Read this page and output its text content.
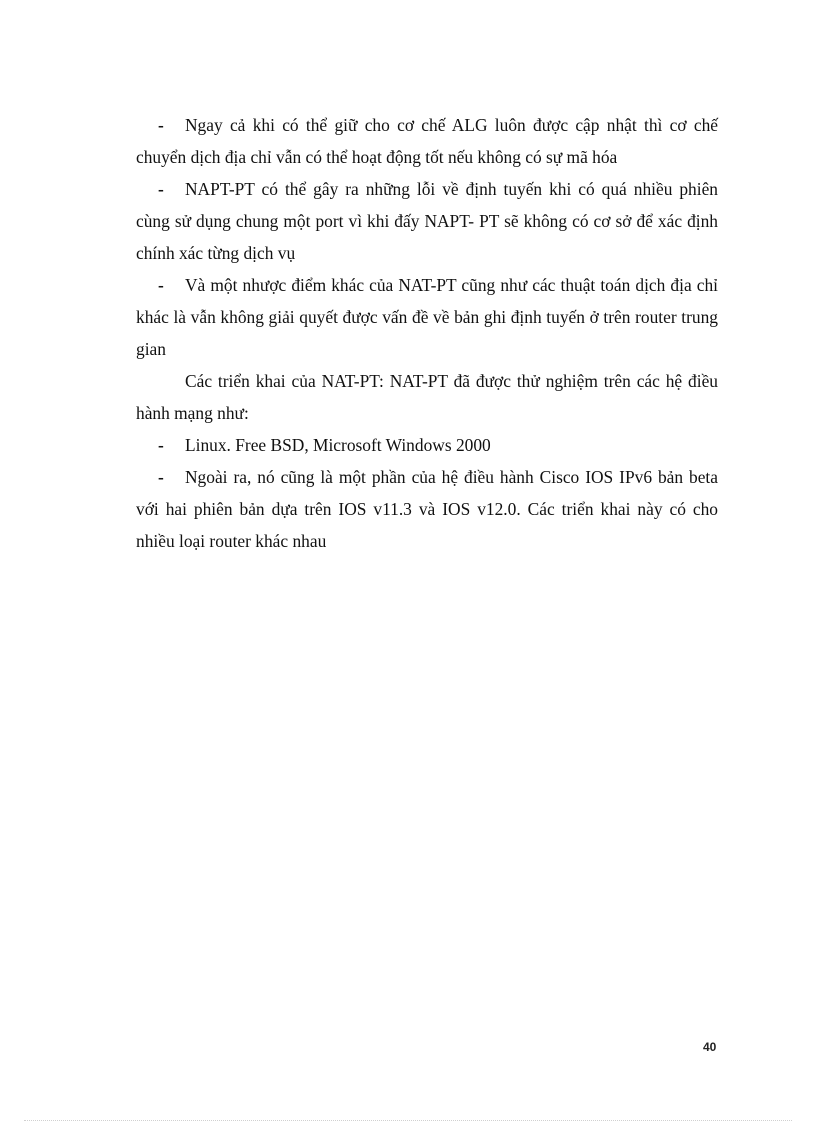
- Ngay cả khi có thể giữ cho cơ chế ALG luôn được cập nhật thì cơ chế chuyển dịch địa chỉ vẫn có thể hoạt động tốt nếu không có sự mã hóa

- NAPT-PT có thể gây ra những lỗi về định tuyến khi có quá nhiều phiên cùng sử dụng chung một port vì khi đấy NAPT- PT sẽ không có cơ sở để xác định chính xác từng dịch vụ

- Và một nhược điểm khác của NAT-PT cũng như các thuật toán dịch địa chỉ khác là vẫn không giải quyết được vấn đề về bản ghi định tuyến ở trên router trung gian

Các triển khai của NAT-PT: NAT-PT đã được thử nghiệm trên các hệ điều hành mạng như:

- Linux. Free BSD, Microsoft Windows 2000

- Ngoài ra, nó cũng là một phần của hệ điều hành Cisco IOS IPv6 bản beta với hai phiên bản dựa trên IOS v11.3 và IOS v12.0. Các triển khai này có cho nhiều loại router khác nhau

40
